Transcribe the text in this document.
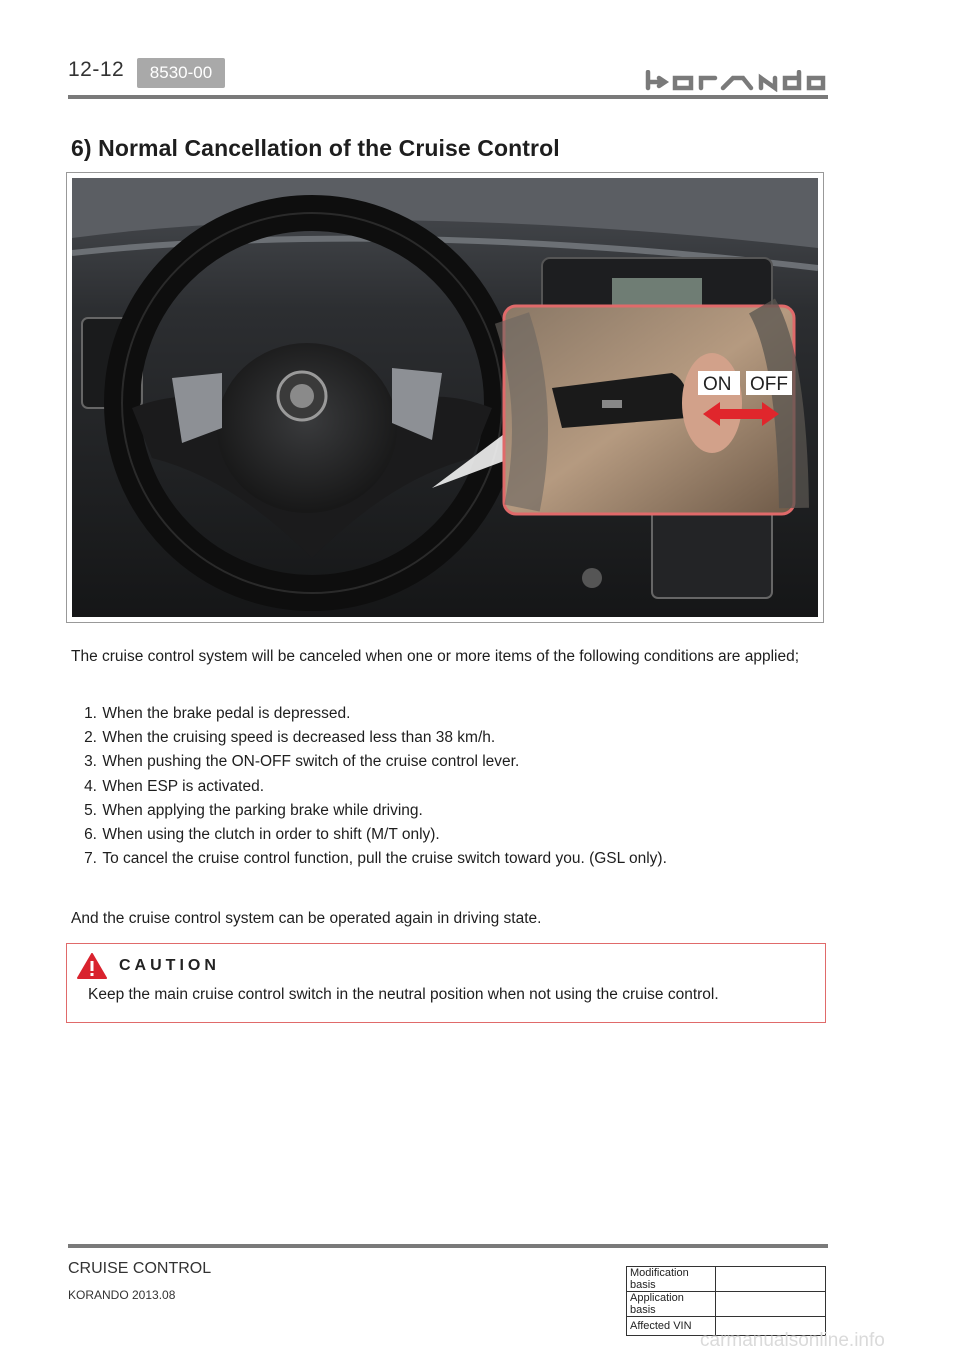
12-12	8530-00
6) Normal Cancellation of the Cruise Control
ON OFF
The cruise control system will be canceled when one or more items of the following conditions are applied;
1.
When the brake pedal is depressed.
2.
When the cruising speed is decreased less than 38 km/h.
3.
When pushing the ON-OFF switch of the cruise control lever.
4.
When ESP is activated.
5.
When applying the parking brake while driving.
6.
When using the clutch in order to shift (M/T only).
7.
To cancel the cruise control function, pull the cruise switch toward you. (GSL only).
And the cruise control system can be operated again in driving state.
CAUTION
Keep the main cruise control switch in the neutral position when not using the cruise control.
CRUISE CONTROL
KORANDO 2013.08
Modification basis	
Application basis	
Affected VIN	
carmanualsonline.info
